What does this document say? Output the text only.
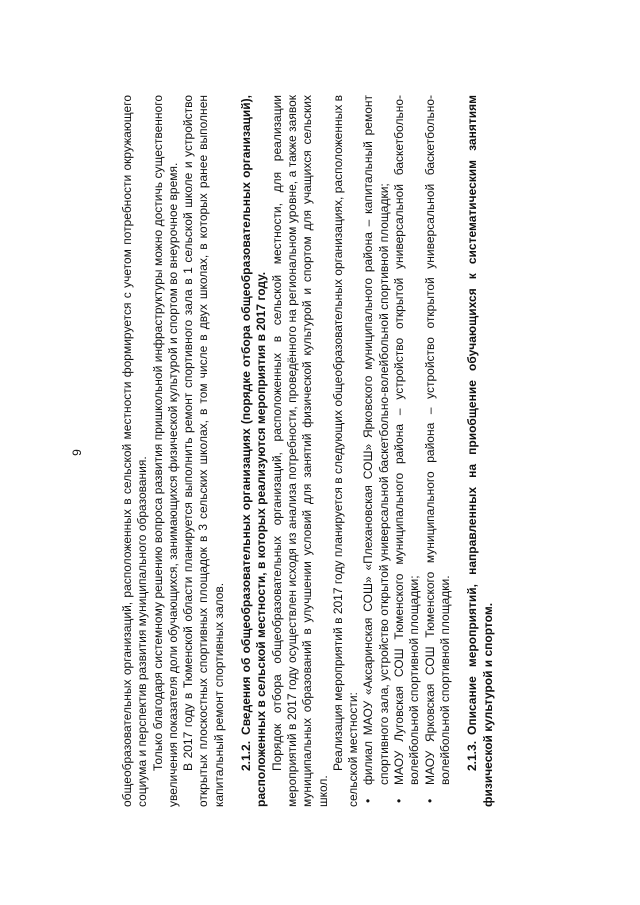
9	общеобразовательных организаций, расположенных в сельской местности формируется с учетом потребности окружающего социума и перспектив развития муниципального образования. Только благодаря системному решению вопроса развития пришкольной инфраструктуры можно достичь существенного увеличения показателя доли обучающихся, занимающихся физической культурой и спортом во внеурочное время. В 2017 году в Тюменской области планируется выполнить ремонт спортивного зала в 1 сельской школе и устройство открытых плоскостных спортивных площадок в 3 сельских школах, в том числе в двух школах, в которых ранее выполнен капитальный ремонт спортивных залов. 2.1.2.Сведения об общеобразовательных организациях (порядке отбора общеобразовательных организаций), расположенных в сельской местности, в которых реализуются мероприятия в 2017 году. Порядок отбора общеобразовательных организаций, расположенных в сельской местности, для реализации мероприятий в 2017 году осуществлен исходя из анализа потребности, проведённого на региональном уровне, а также заявок муниципальных образований в улучшении условий для занятий физической культурой и спортом для учащихся сельских школ.

Реализация мероприятий в 2017 году планируется в следующих общеобразовательных организациях, расположенных в сельской местности: •
филиал МАОУ «Аксаринская СОШ» «Плехановская СОШ» Ярковского муниципального района – капитальный ремонт спортивного зала, устройство открытой универсальной баскетбольно-волейбольной спортивной площадки;
•
МАОУ Луговская СОШ Тюменского муниципального района – устройство открытой универсальной баскетбольно-волейбольной спортивной площадки;
•
МАОУ Ярковская СОШ Тюменского муниципального района – устройство открытой универсальной баскетбольно-волейбольной спортивной площадки. 2.1.3.Описание мероприятий, направленных на приобщение обучающихся к систематическим занятиям физической культурой и спортом.
